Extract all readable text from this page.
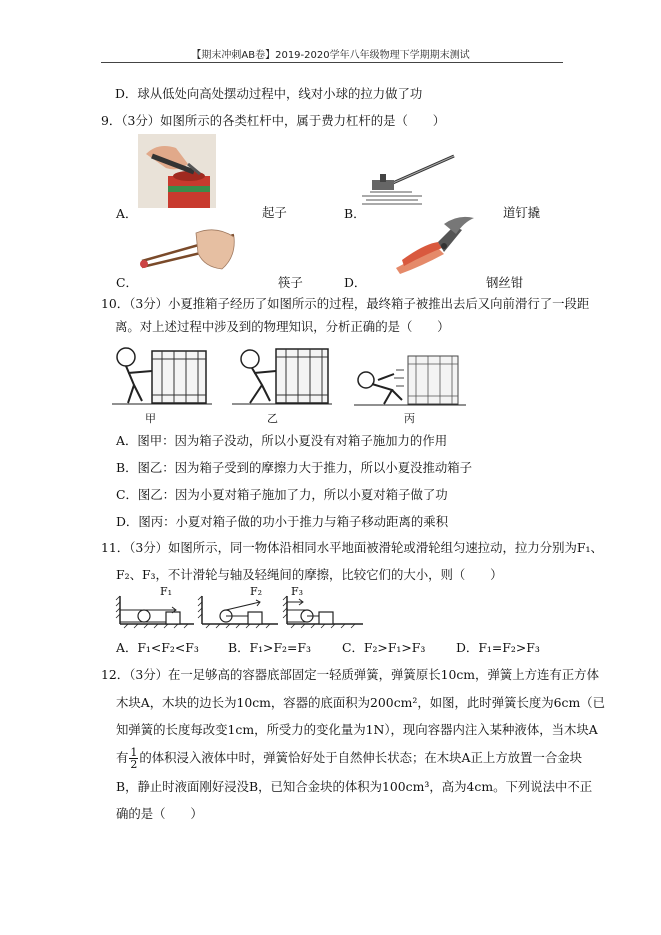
【期末冲刺AB卷】2019-2020学年八年级物理下学期期末测试
D．球从低处向高处摆动过程中，线对小球的拉力做了功
9．（3分）如图所示的各类杠杆中，属于费力杠杆的是（　　）
A．	起子	B．	道钉撬
C．	筷子	D．	钢丝钳
10．（3分）小夏推箱子经历了如图所示的过程，最终箱子被推出去后又向前滑行了一段距
离。对上述过程中涉及到的物理知识，分析正确的是（　　）
甲	乙	丙
A．图甲：因为箱子没动，所以小夏没有对箱子施加力的作用
B．图乙：因为箱子受到的摩擦力大于推力，所以小夏没推动箱子
C．图乙：因为小夏对箱子施加了力，所以小夏对箱子做了功
D．图丙：小夏对箱子做的功小于推力与箱子移动距离的乘积
11．（3分）如图所示，同一物体沿相同水平地面被滑轮或滑轮组匀速拉动，拉力分别为F₁、
F₂、F₃，不计滑轮与轴及轻绳间的摩擦，比较它们的大小，则（　　）
F₁	F₂	F₃
A．F₁<F₂<F₃ B．F₁>F₂=F₃	C．F₂>F₁>F₃ D．F₁=F₂>F₃
12．（3分）在一足够高的容器底部固定一轻质弹簧，弹簧原长10cm，弹簧上方连有正方体
木块A，木块的边长为10cm，容器的底面积为200cm²，如图，此时弹簧长度为6cm（已
知弹簧的长度每改变1cm，所受力的变化量为1N），现向容器内注入某种液体，当木块A
有 $\frac{1}{2}$ 的体积浸入液体中时，弹簧恰好处于自然伸长状态；在木块A正上方放置一合金块
B，静止时液面刚好浸没B，已知合金块的体积为100cm³，高为4cm。下列说法中不正
确的是（　　）
